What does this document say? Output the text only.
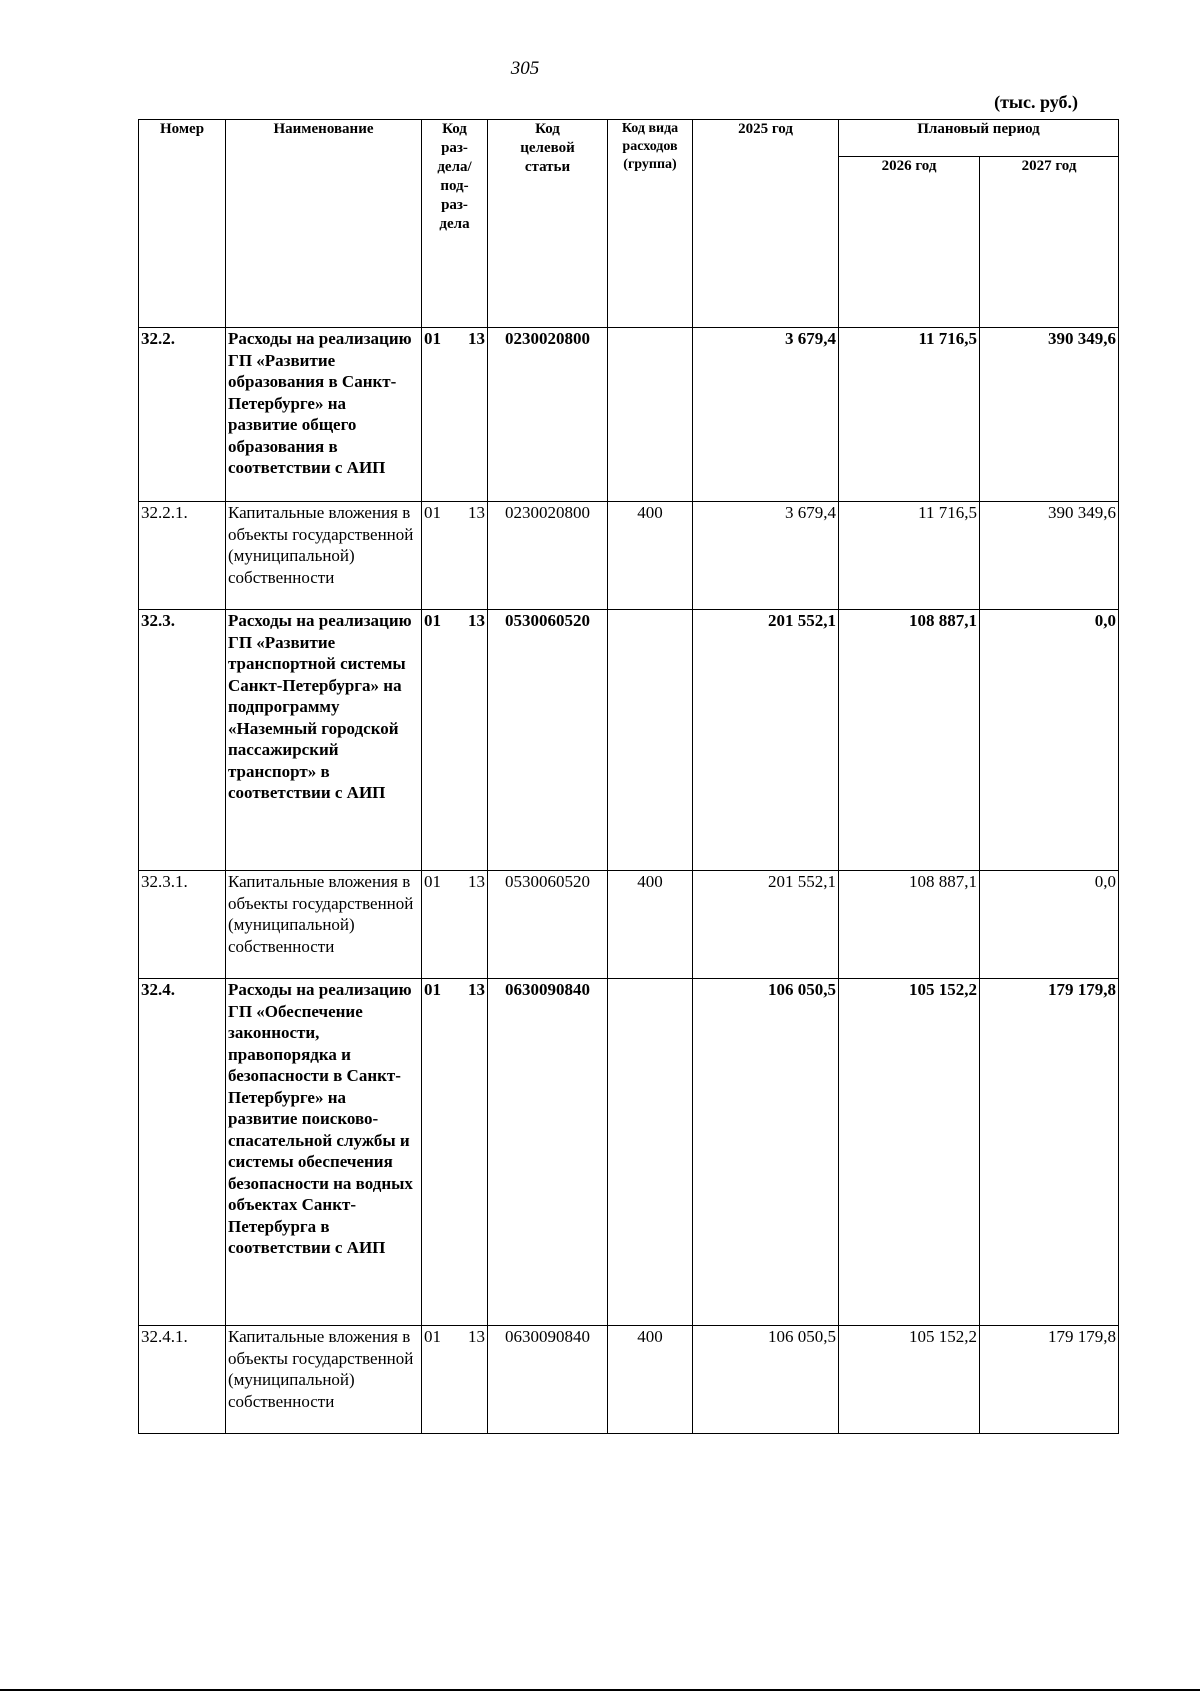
305
(тыс. руб.)
Номер	Наименование	Код раз-дела/ под-раз-дела	Код целевой статьи	Код вида расходов (группа)	2025 год	Плановый период	
						2026 год	2027 год
32.2.	Расходы на реализацию ГП «Развитие образования в Санкт-Петербурге» на развитие общего образования в соответствии с АИП	01 13	0230020800		3 679,4	11 716,5	390 349,6
32.2.1.	Капитальные вложения в объекты государственной (муниципальной) собственности	01 13	0230020800	400	3 679,4	11 716,5	390 349,6
32.3.	Расходы на реализацию ГП «Развитие транспортной системы Санкт-Петербурга» на подпрограмму «Наземный городской пассажирский транспорт» в соответствии с АИП	01 13	0530060520		201 552,1	108 887,1	0,0
32.3.1.	Капитальные вложения в объекты государственной (муниципальной) собственности	01 13	0530060520	400	201 552,1	108 887,1	0,0
32.4.	Расходы на реализацию ГП «Обеспечение законности, правопорядка и безопасности в Санкт-Петербурге» на развитие поисково-спасательной службы и системы обеспечения безопасности на водных объектах Санкт-Петербурга в соответствии с АИП	01 13	0630090840		106 050,5	105 152,2	179 179,8
32.4.1.	Капитальные вложения в объекты государственной (муниципальной) собственности	01 13	0630090840	400	106 050,5	105 152,2	179 179,8
